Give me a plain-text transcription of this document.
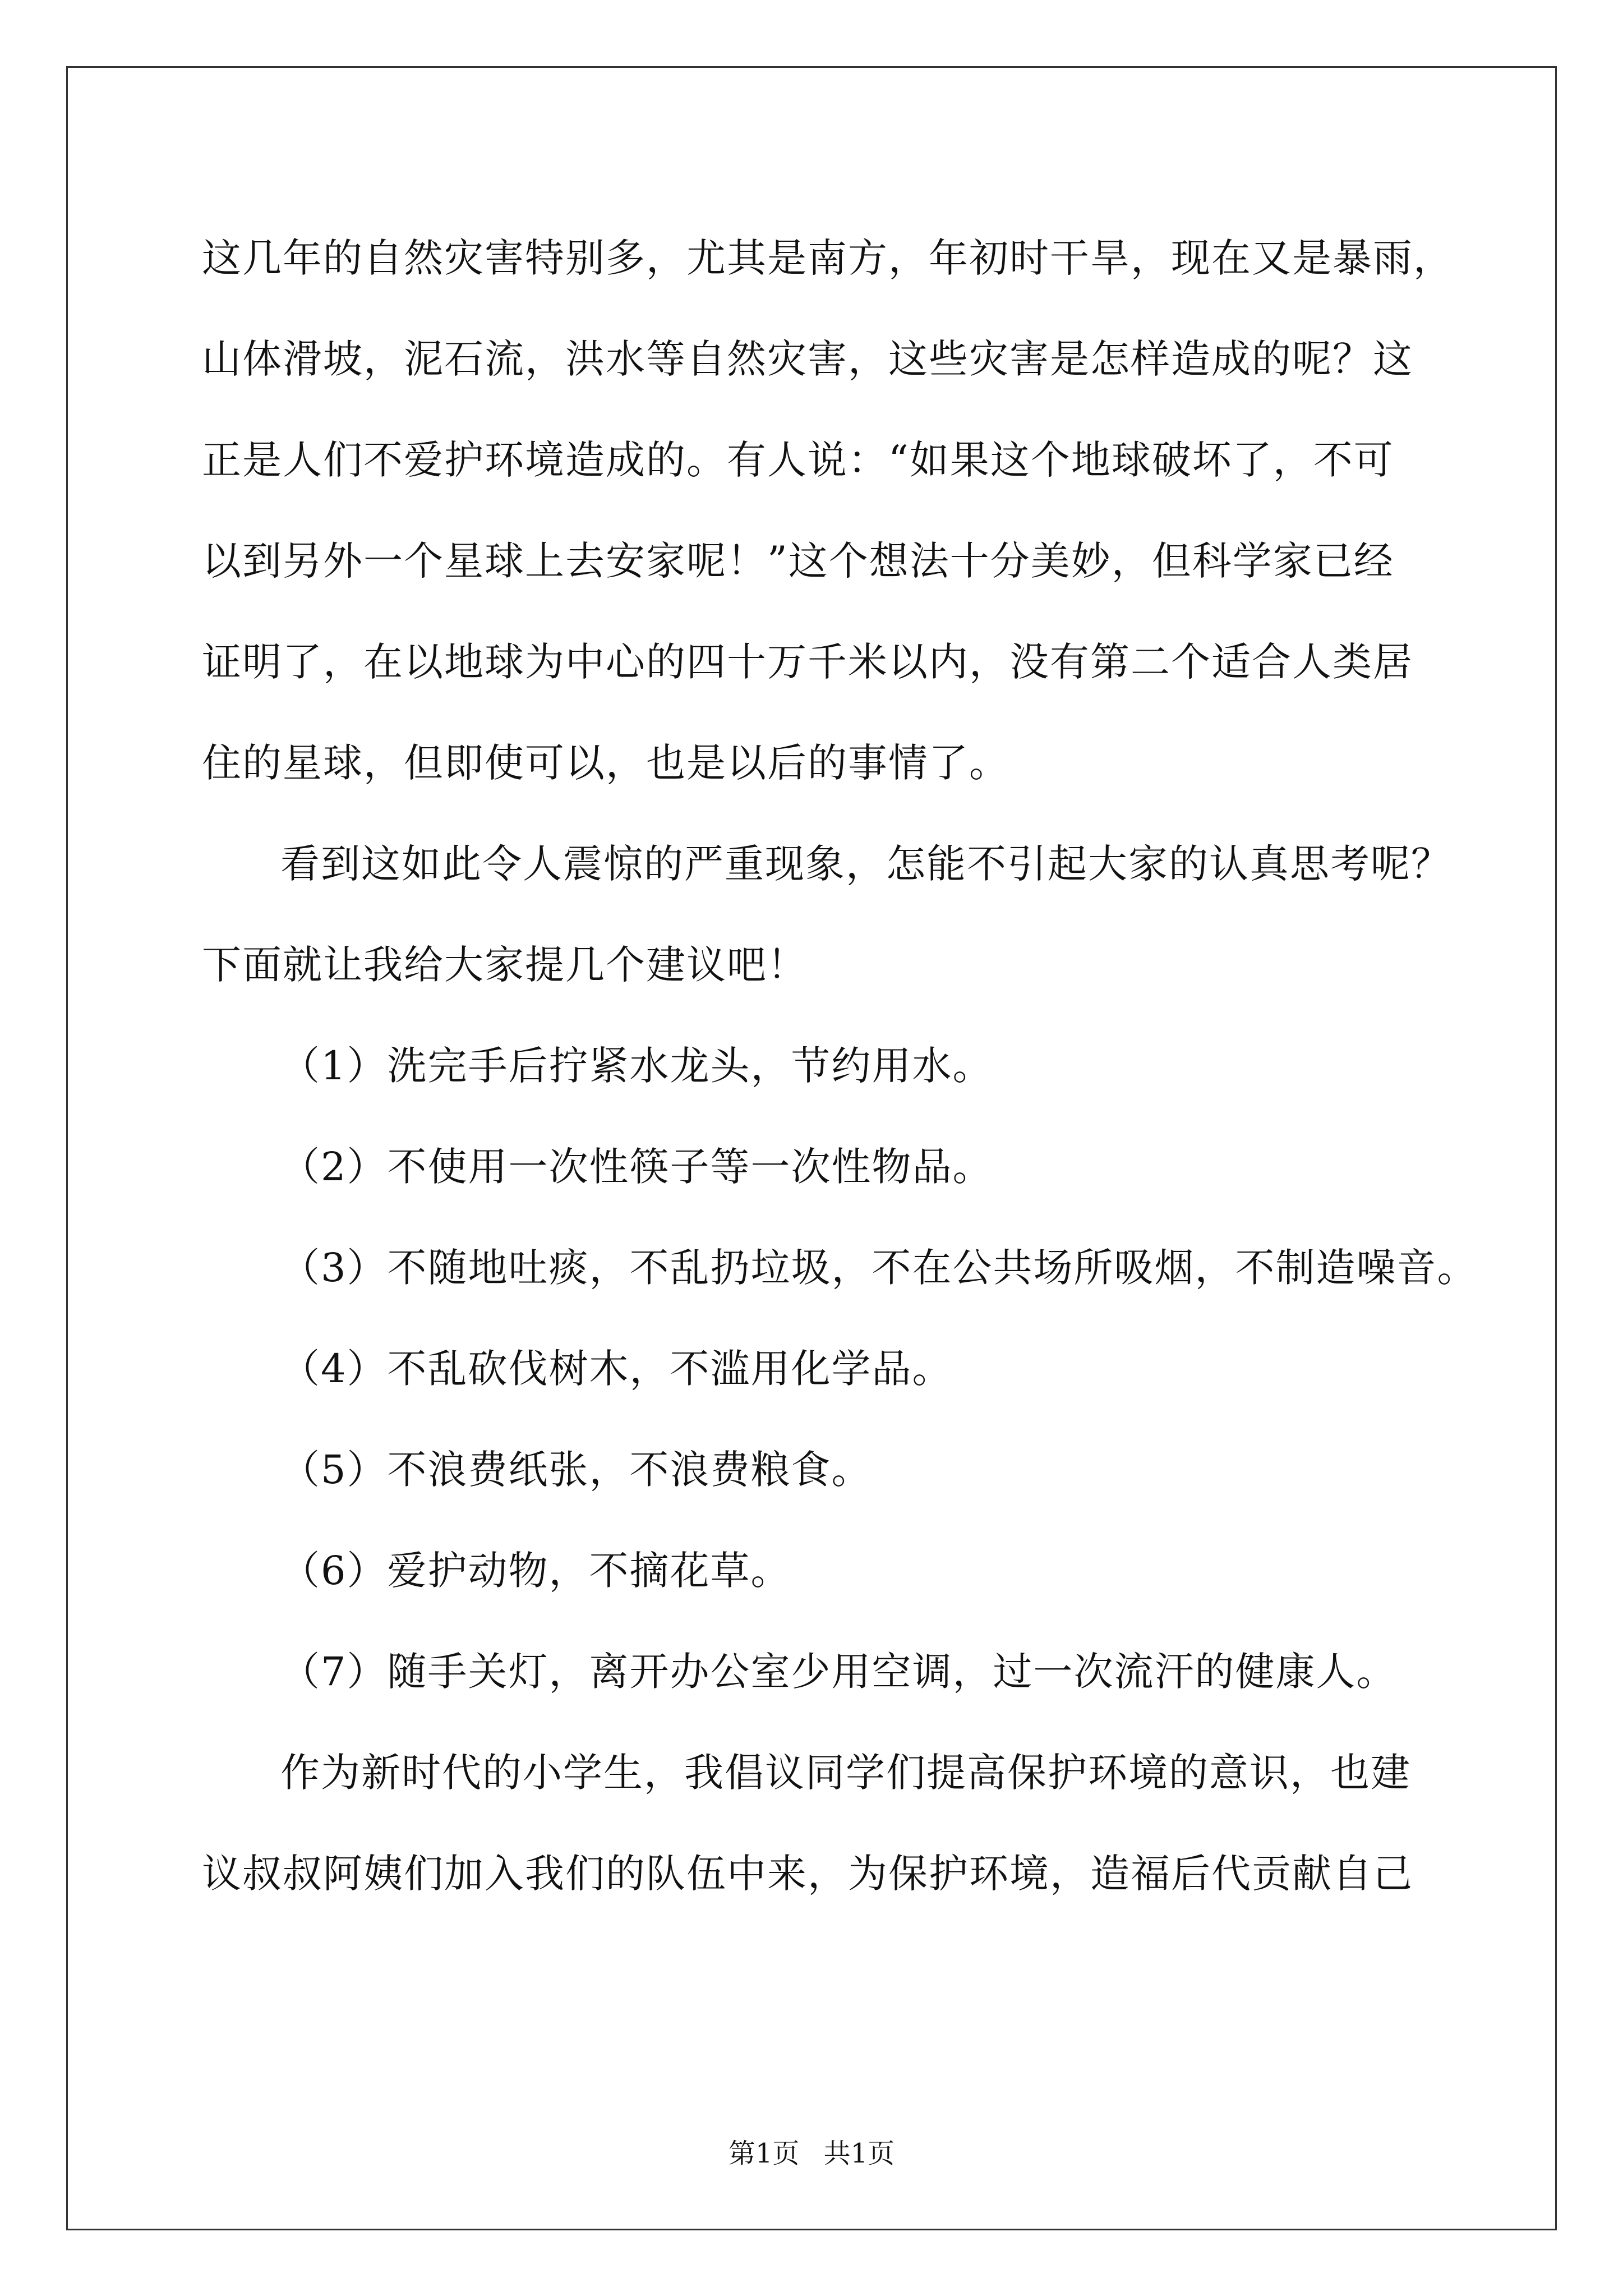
这几年的自然灾害特别多，尤其是南方，年初时干旱，现在又是暴雨，
山体滑坡，泥石流，洪水等自然灾害，这些灾害是怎样造成的呢？这
正是人们不爱护环境造成的。有人说：“如果这个地球破坏了，不可
以到另外一个星球上去安家呢！”这个想法十分美妙，但科学家已经
证明了，在以地球为中心的四十万千米以内，没有第二个适合人类居
住的星球，但即使可以，也是以后的事情了。
看到这如此令人震惊的严重现象，怎能不引起大家的认真思考呢？
下面就让我给大家提几个建议吧！
（1）洗完手后拧紧水龙头，节约用水。
（2）不使用一次性筷子等一次性物品。
（3）不随地吐痰，不乱扔垃圾，不在公共场所吸烟，不制造噪音。
（4）不乱砍伐树木，不滥用化学品。
（5）不浪费纸张，不浪费粮食。
（6）爱护动物，不摘花草。
（7）随手关灯，离开办公室少用空调，过一次流汗的健康人。
作为新时代的小学生，我倡议同学们提高保护环境的意识，也建
议叔叔阿姨们加入我们的队伍中来，为保护环境，造福后代贡献自己
第1页 共1页
